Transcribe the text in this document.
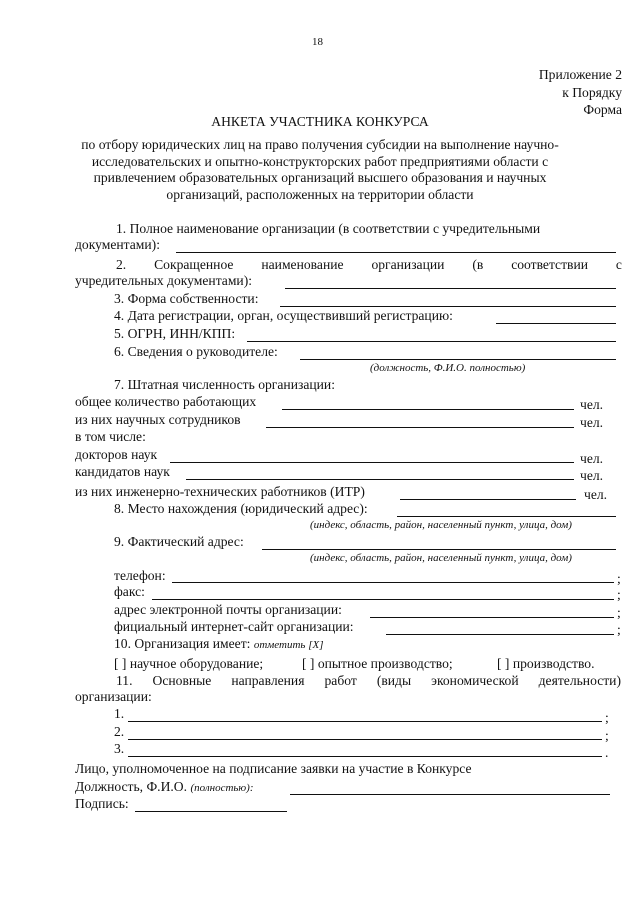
18
Приложение 2
к Порядку
Форма
АНКЕТА УЧАСТНИКА КОНКУРСА
по отбору юридических лиц на право получения субсидии на выполнение научно-
исследовательских и опытно-конструкторских работ предприятиями области с
привлечением образовательных организаций высшего образования и научных
организаций, расположенных на территории области
1. Полное наименование организации (в соответствии с учредительными
документами):
2. Сокращенное наименование организации (в соответствии с
учредительных документами):
3. Форма собственности:
4. Дата регистрации, орган, осуществивший регистрацию:
5. ОГРН, ИНН/КПП:
6. Сведения о руководителе:
(должность, Ф.И.О. полностью)
7. Штатная численность организации:
общее количество работающих	чел.
из них научных сотрудников	чел.
в том числе:
докторов наук	чел.
кандидатов наук	чел.
из них инженерно-технических работников (ИТР)	чел.
8. Место нахождения (юридический адрес):
(индекс, область, район, населенный пункт, улица, дом)
9. Фактический адрес:
(индекс, область, район, населенный пункт, улица, дом)
телефон:	;
факс:	;
адрес электронной почты организации:	;
фициальный интернет-сайт организации:	;
10. Организация имеет: отметить [X]
[ ] научное оборудование;	[ ] опытное производство;	[ ] производство.
11. Основные направления работ (виды экономической деятельности)
организации:
1.	;
2.	;
3.	.
Лицо, уполномоченное на подписание заявки на участие в Конкурсе
Должность, Ф.И.О. (полностью):
Подпись:
